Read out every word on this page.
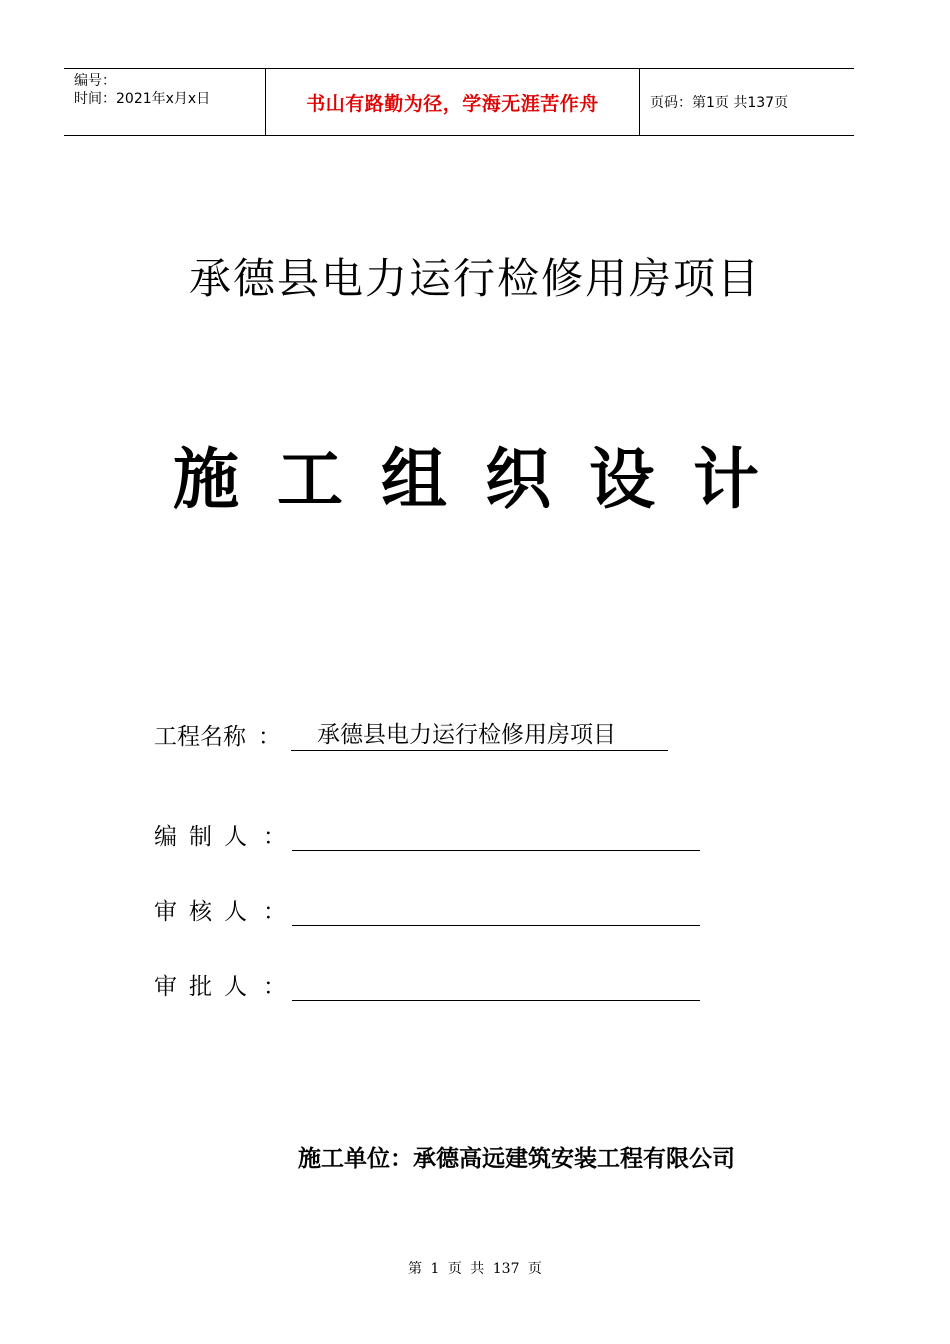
编号：
时间：2021年x月x日	书山有路勤为径，学海无涯苦作舟	页码：第1页 共137页
承德县电力运行检修用房项目
施工组织设计
工程名称 ：	承德县电力运行检修用房项目
编制人 ：
审核人 ：
审批人 ：
施工单位：承德高远建筑安装工程有限公司
第 1 页 共 137 页
